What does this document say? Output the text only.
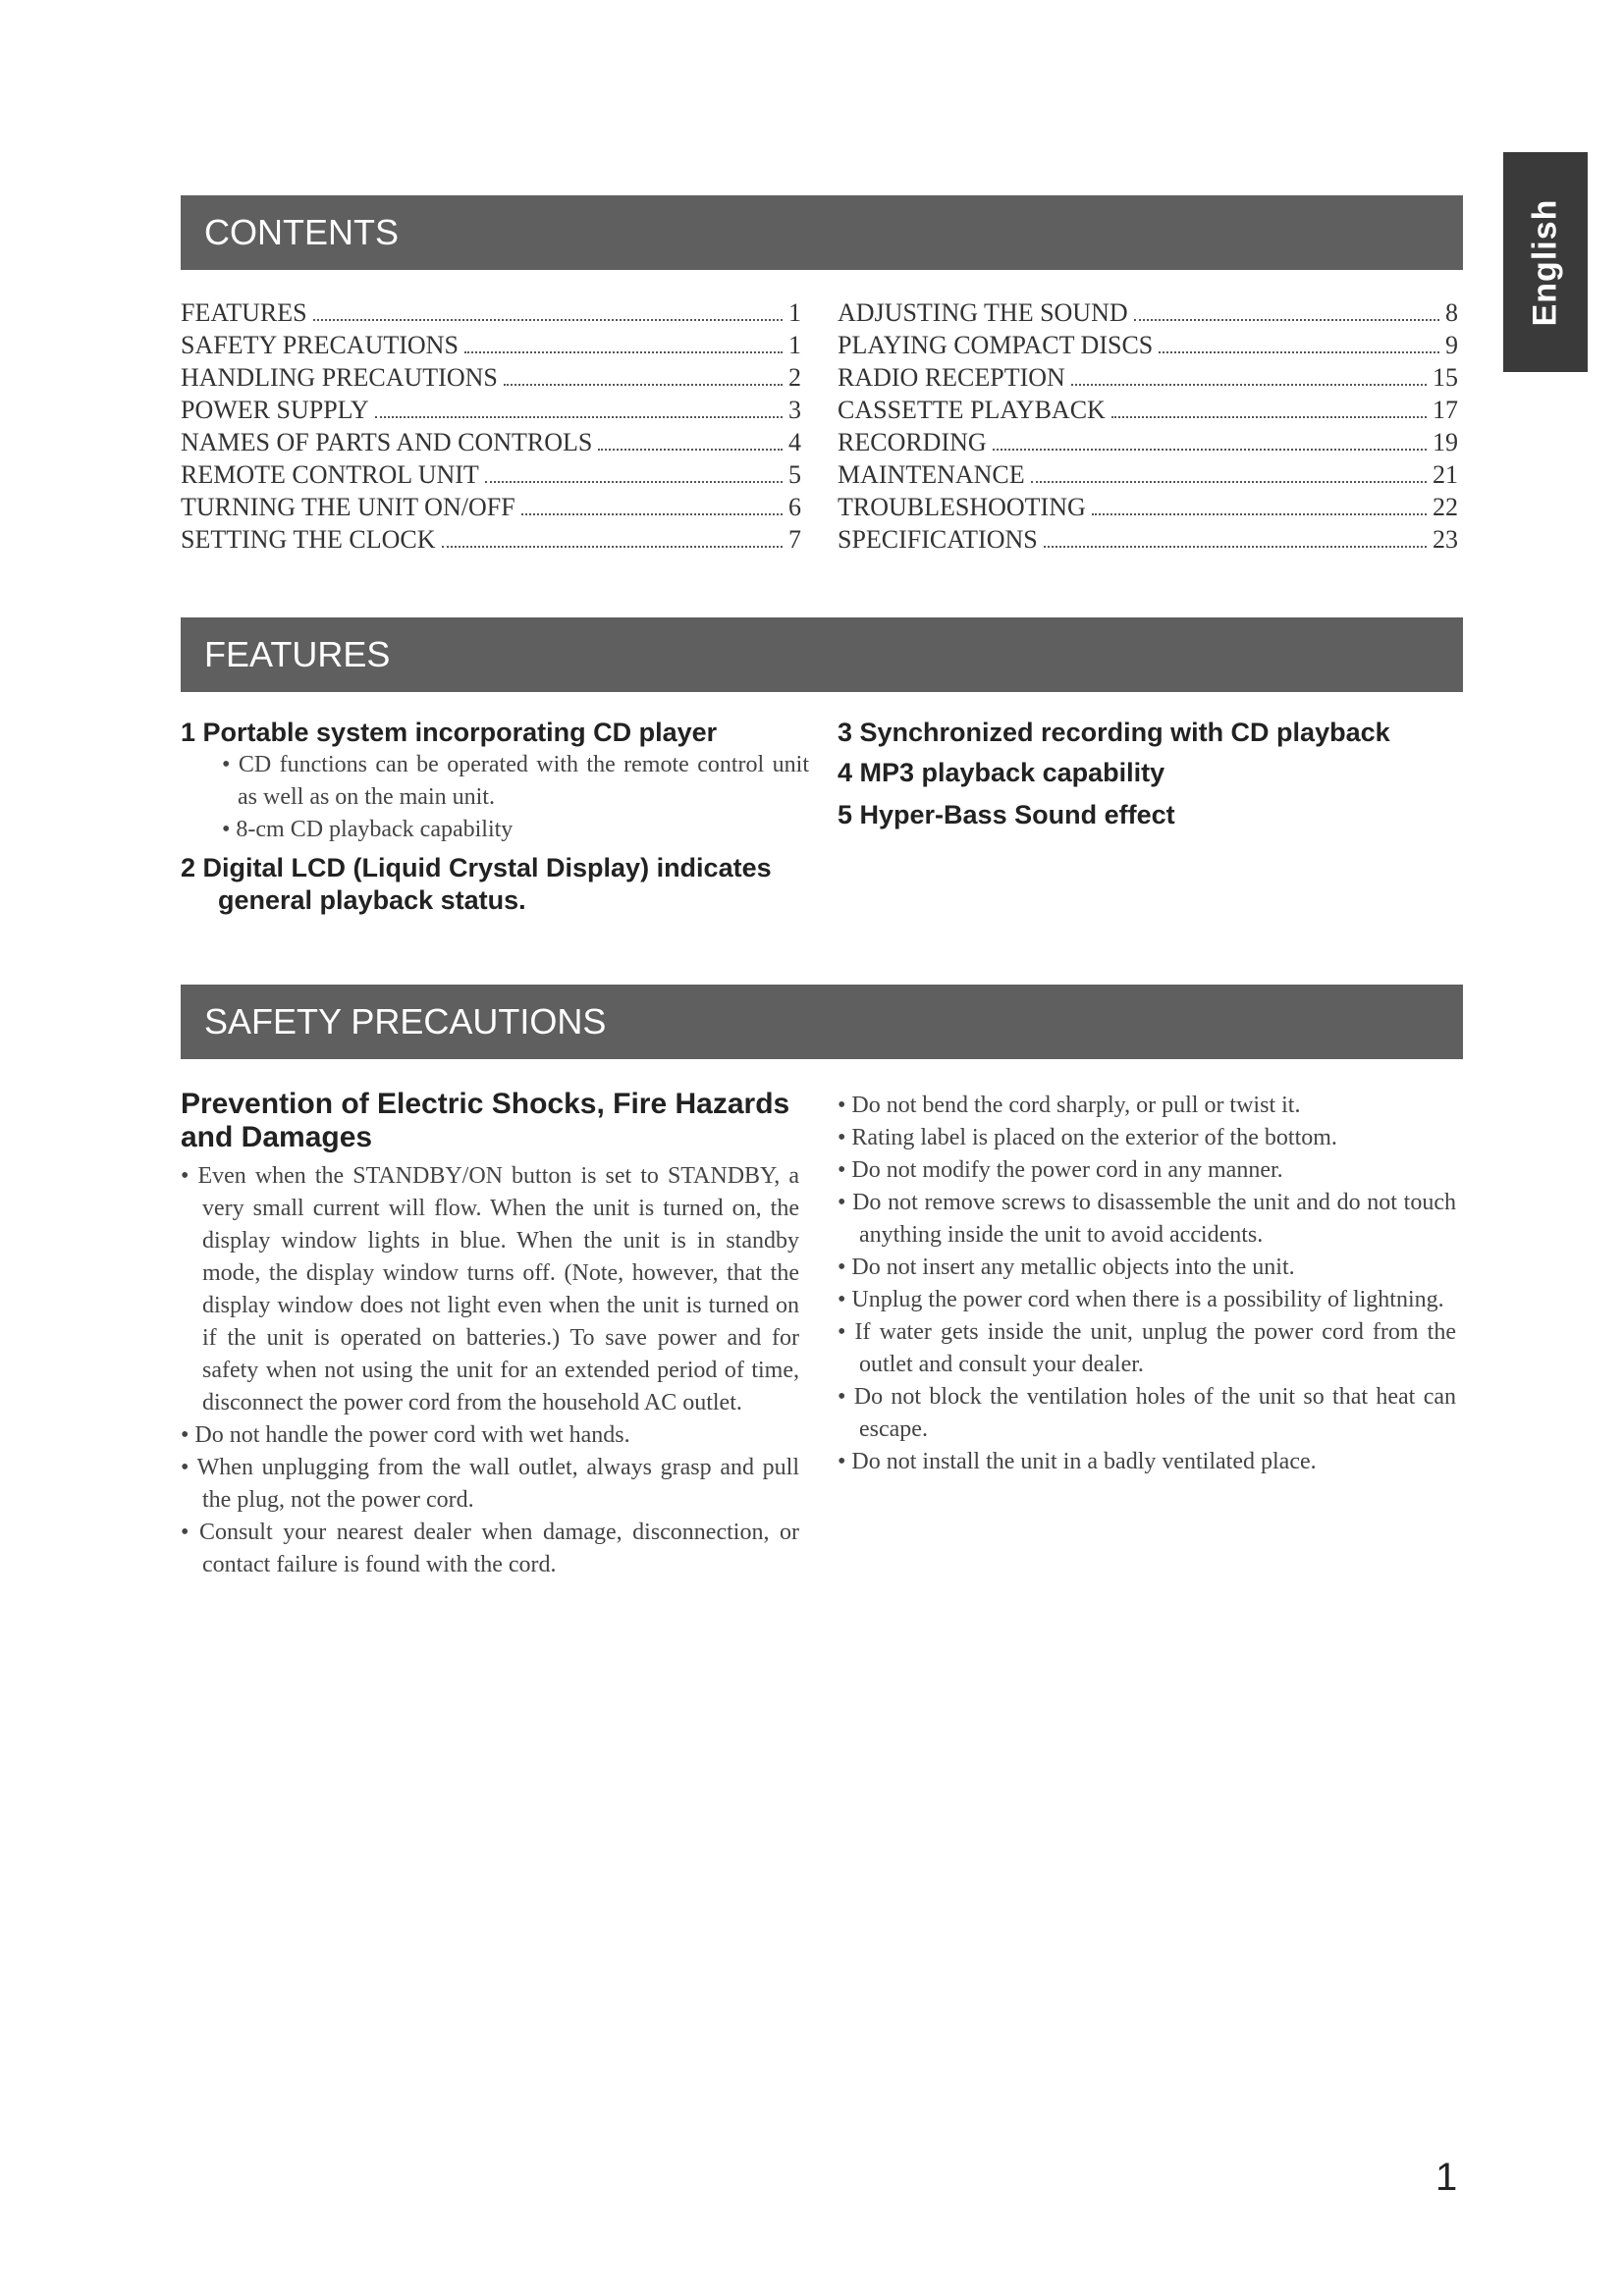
English
CONTENTS
FEATURES	1
SAFETY PRECAUTIONS	1
HANDLING PRECAUTIONS	2
POWER SUPPLY	3
NAMES OF PARTS AND CONTROLS	4
REMOTE CONTROL UNIT	5
TURNING THE UNIT ON/OFF	6
SETTING THE CLOCK	7
ADJUSTING THE SOUND	8
PLAYING COMPACT DISCS	9
RADIO RECEPTION	15
CASSETTE PLAYBACK	17
RECORDING	19
MAINTENANCE	21
TROUBLESHOOTING	22
SPECIFICATIONS	23
FEATURES

1 Portable system incorporating CD player

• CD functions can be operated with the remote control unit as well as on the main unit.
• 8-cm CD playback capability

2 Digital LCD (Liquid Crystal Display) indicates

general playback status.

3 Synchronized recording with CD playback

4 MP3 playback capability

5 Hyper-Bass Sound effect

SAFETY PRECAUTIONS

Prevention of Electric Shocks, Fire Hazards and Damages

• Even when the STANDBY/ON button is set to STANDBY, a very small current will flow. When the unit is turned on, the display window lights in blue. When the unit is in standby mode, the display window turns off. (Note, however, that the display window does not light even when the unit is turned on if the unit is operated on batteries.) To save power and for safety when not using the unit for an extended period of time, disconnect the power cord from the household AC outlet.
• Do not handle the power cord with wet hands.
• When unplugging from the wall outlet, always grasp and pull the plug, not the power cord.
• Consult your nearest dealer when damage, disconnection, or contact failure is found with the cord.
• Do not bend the cord sharply, or pull or twist it.
• Rating label is placed on the exterior of the bottom.
• Do not modify the power cord in any manner.
• Do not remove screws to disassemble the unit and do not touch anything inside the unit to avoid accidents.
• Do not insert any metallic objects into the unit.
• Unplug the power cord when there is a possibility of lightning.
• If water gets inside the unit, unplug the power cord from the outlet and consult your dealer.
• Do not block the ventilation holes of the unit so that heat can escape.
• Do not install the unit in a badly ventilated place.
1
